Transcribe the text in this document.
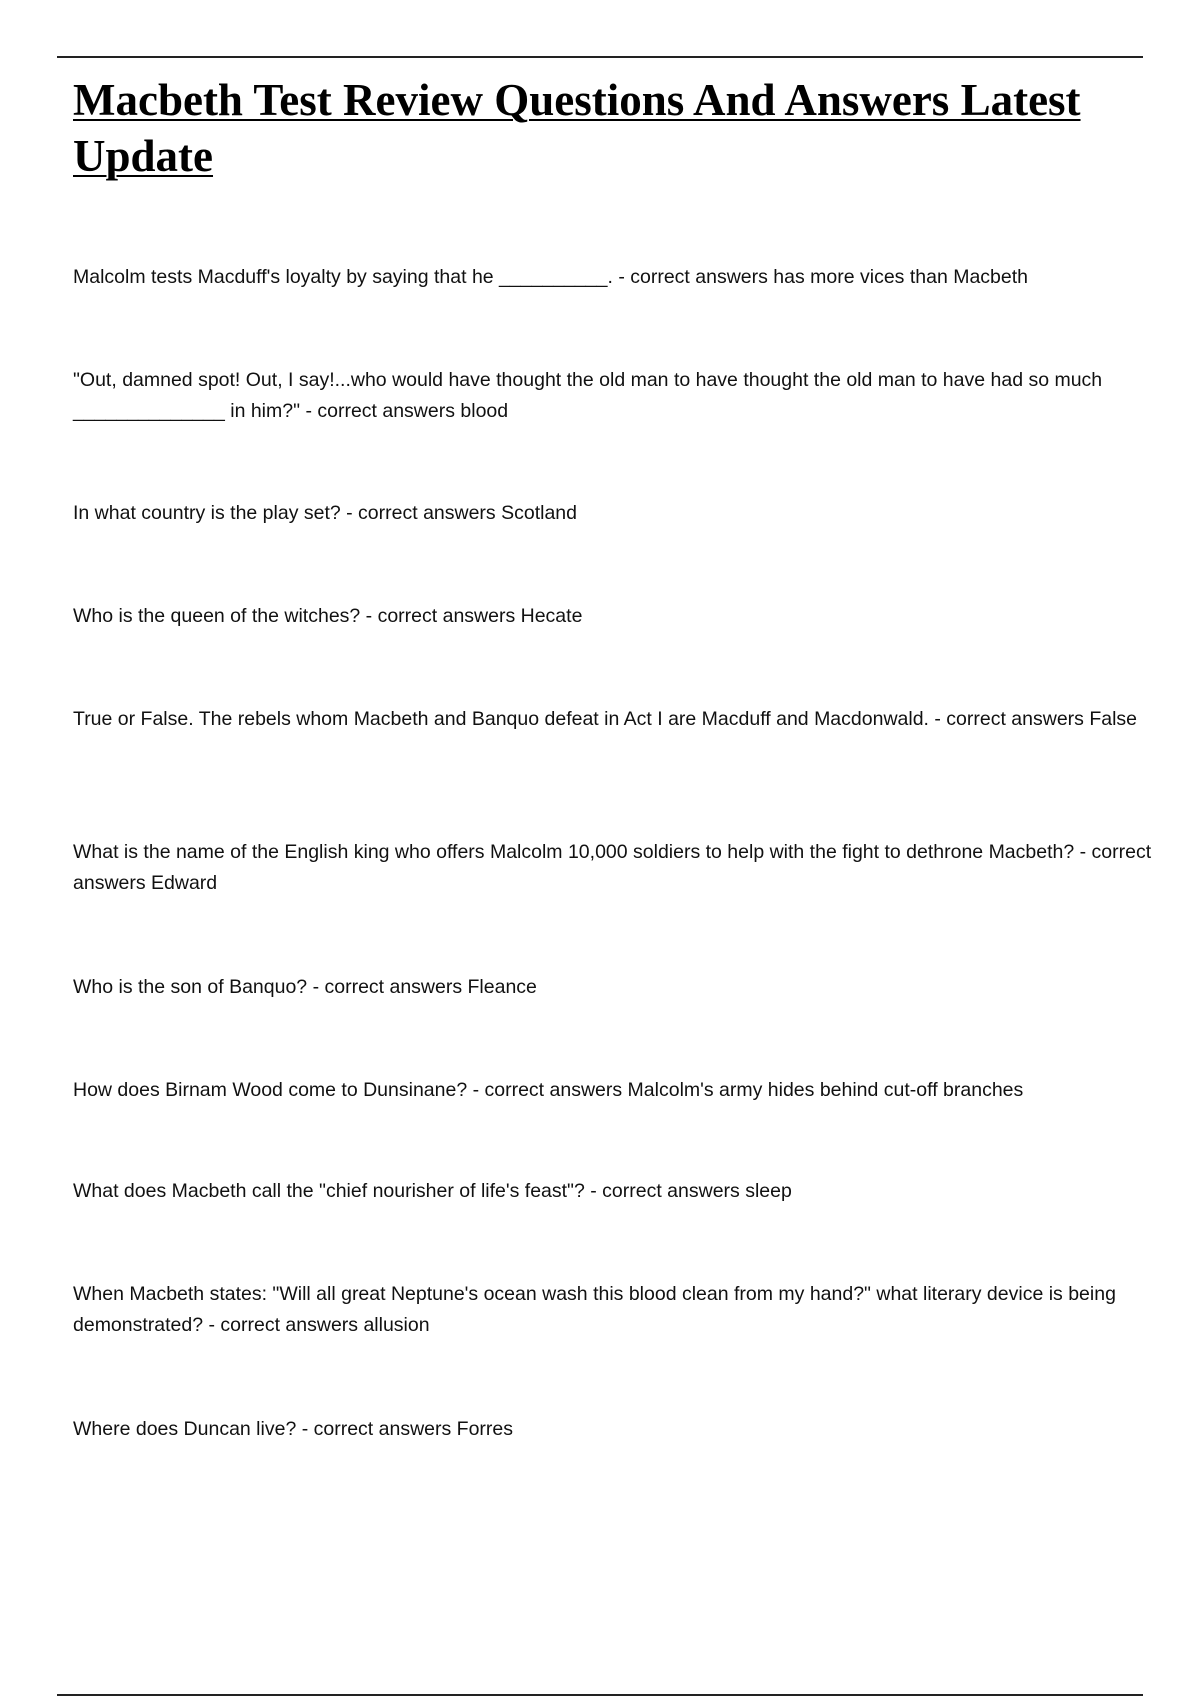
Macbeth Test Review Questions And Answers Latest Update

Malcolm tests Macduff's loyalty by saying that he __________. - correct answers has more vices than Macbeth

"Out, damned spot! Out, I say!...who would have thought the old man to have thought the old man to have had so much ______________ in him?" - correct answers blood

In what country is the play set? - correct answers Scotland

Who is the queen of the witches? - correct answers Hecate

True or False. The rebels whom Macbeth and Banquo defeat in Act I are Macduff and Macdonwald. - correct answers False

What is the name of the English king who offers Malcolm 10,000 soldiers to help with the fight to dethrone Macbeth? - correct answers Edward

Who is the son of Banquo? - correct answers Fleance

How does Birnam Wood come to Dunsinane? - correct answers Malcolm's army hides behind cut-off branches

What does Macbeth call the "chief nourisher of life's feast"? - correct answers sleep

When Macbeth states: "Will all great Neptune's ocean wash this blood clean from my hand?" what literary device is being demonstrated? - correct answers allusion

Where does Duncan live? - correct answers Forres
